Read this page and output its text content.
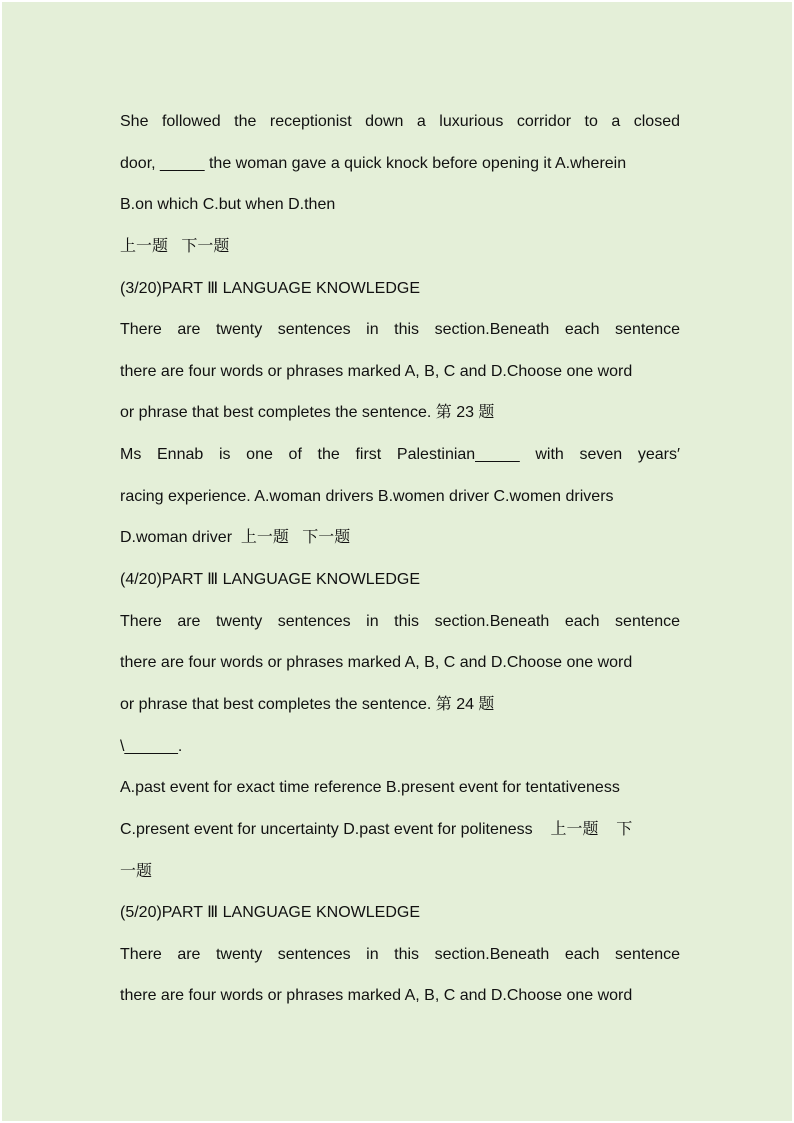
She followed the receptionist down a luxurious corridor to a closed
door, _____ the woman gave a quick knock before opening it A.wherein
B.on which C.but when D.then
上一题 下一题
(3/20)PART Ⅲ LANGUAGE KNOWLEDGE
There are twenty sentences in this section.Beneath each sentence
there are four words or phrases marked A, B, C and D.Choose one word
or phrase that best completes the sentence. 第 23 题
Ms Ennab is one of the first Palestinian_____ with seven years′
racing experience. A.woman drivers B.women driver C.women drivers
D.woman driver 上一题 下一题
(4/20)PART Ⅲ LANGUAGE KNOWLEDGE
There are twenty sentences in this section.Beneath each sentence
there are four words or phrases marked A, B, C and D.Choose one word
or phrase that best completes the sentence. 第 24 题
\______.
A.past event for exact time reference B.present event for tentativeness
C.present event for uncertainty D.past event for politeness 上一题 下
一题
(5/20)PART Ⅲ LANGUAGE KNOWLEDGE
There are twenty sentences in this section.Beneath each sentence
there are four words or phrases marked A, B, C and D.Choose one word
